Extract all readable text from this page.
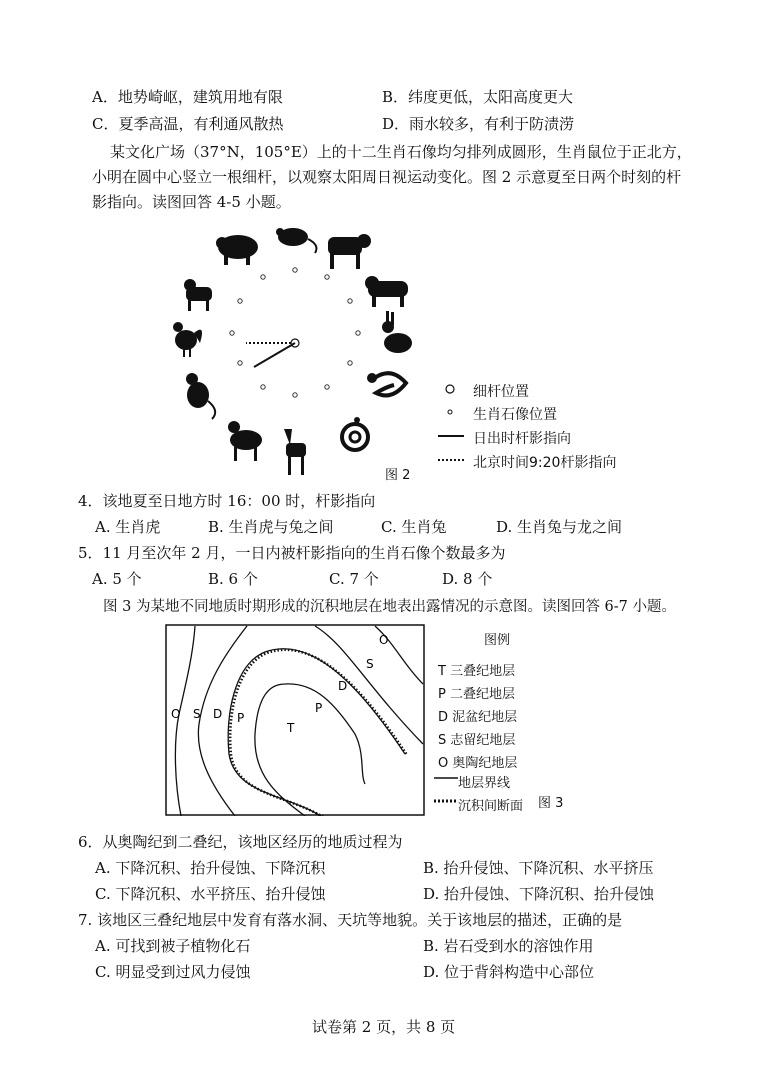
A．地势崎岖，建筑用地有限	B．纬度更低，太阳高度更大
C．夏季高温，有利通风散热	D．雨水较多，有利于防渍涝
某文化广场（37°N，105°E）上的十二生肖石像均匀排列成圆形，生肖鼠位于正北方，
小明在圆中心竖立一根细杆，以观察太阳周日视运动变化。图 2 示意夏至日两个时刻的杆
影指向。读图回答 4-5 小题。
细杆位置
生肖石像位置
日出时杆影指向
北京时间9:20杆影指向
图 2
4．该地夏至日地方时 16：00 时，杆影指向
A. 生肖虎	B. 生肖虎与兔之间	C. 生肖兔	D. 生肖兔与龙之间
5．11 月至次年 2 月，一日内被杆影指向的生肖石像个数最多为
A. 5 个	B. 6 个	C. 7 个	D. 8 个
图 3 为某地不同地质时期形成的沉积地层在地表出露情况的示意图。读图回答 6-7 小题。
O S D P
T
P
D
S
O	图例
T 三叠纪地层
P 二叠纪地层
D 泥盆纪地层
S 志留纪地层
O 奥陶纪地层
地层界线
沉积间断面 图 3
6．从奥陶纪到二叠纪，该地区经历的地质过程为
A. 下降沉积、抬升侵蚀、下降沉积	B. 抬升侵蚀、下降沉积、水平挤压
C. 下降沉积、水平挤压、抬升侵蚀	D. 抬升侵蚀、下降沉积、抬升侵蚀
7. 该地区三叠纪地层中发育有落水洞、天坑等地貌。关于该地层的描述，正确的是
A. 可找到被子植物化石	B. 岩石受到水的溶蚀作用
C. 明显受到过风力侵蚀	D. 位于背斜构造中心部位
试卷第 2 页，共 8 页
